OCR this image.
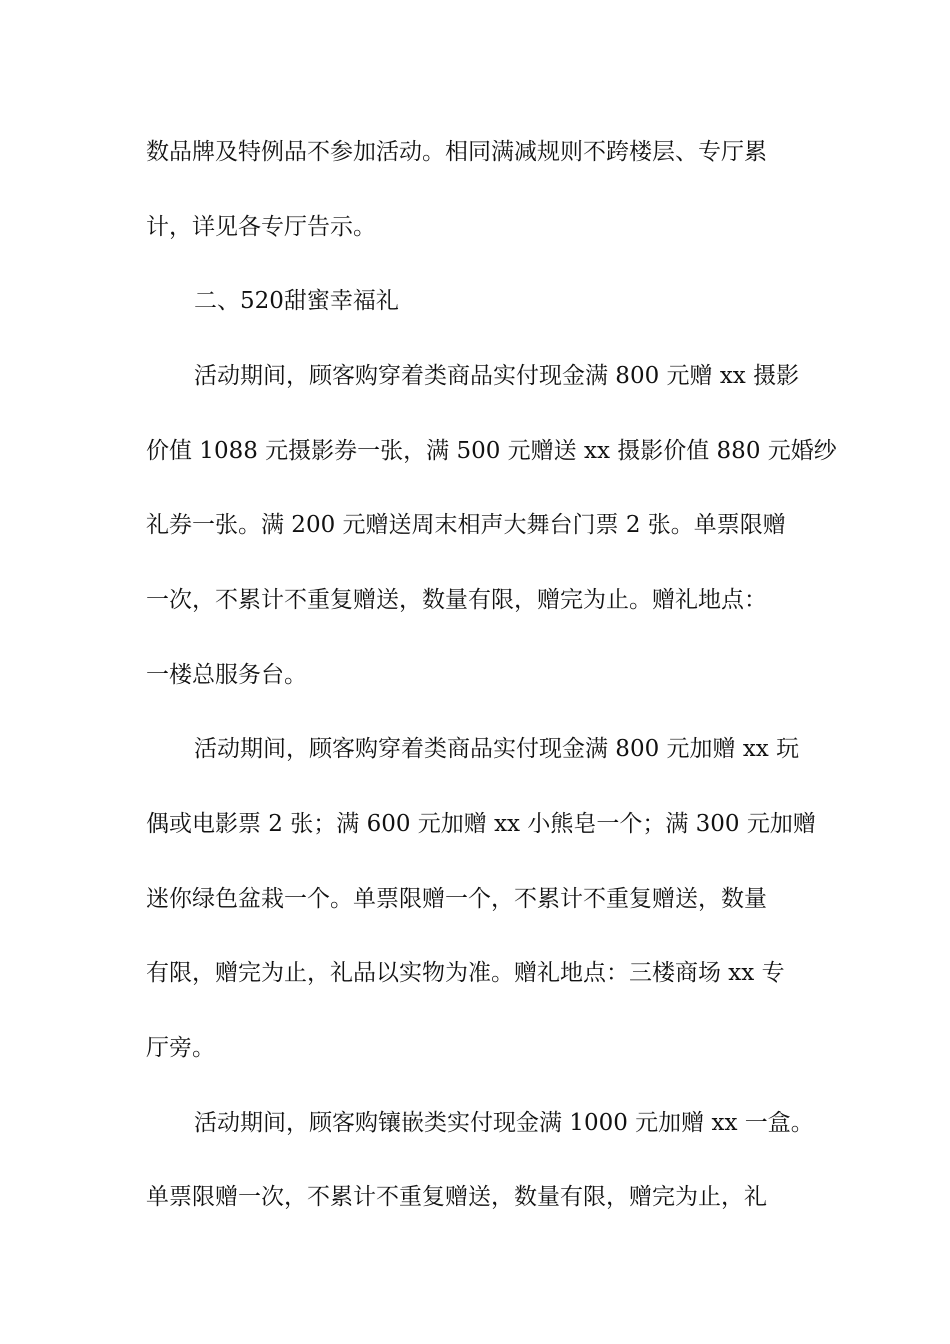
数品牌及特例品不参加活动。相同满减规则不跨楼层、专厅累

计，详见各专厅告示。

二、520甜蜜幸福礼

活动期间，顾客购穿着类商品实付现金满 800 元赠 xx 摄影

价值 1088 元摄影券一张，满 500 元赠送 xx 摄影价值 880 元婚纱

礼券一张。满 200 元赠送周末相声大舞台门票 2 张。单票限赠

一次，不累计不重复赠送，数量有限，赠完为止。赠礼地点：

一楼总服务台。

活动期间，顾客购穿着类商品实付现金满 800 元加赠 xx 玩

偶或电影票 2 张；满 600 元加赠 xx 小熊皂一个；满 300 元加赠

迷你绿色盆栽一个。单票限赠一个，不累计不重复赠送，数量

有限，赠完为止，礼品以实物为准。赠礼地点：三楼商场 xx 专

厅旁。

活动期间，顾客购镶嵌类实付现金满 1000 元加赠 xx 一盒。

单票限赠一次，不累计不重复赠送，数量有限，赠完为止，礼
